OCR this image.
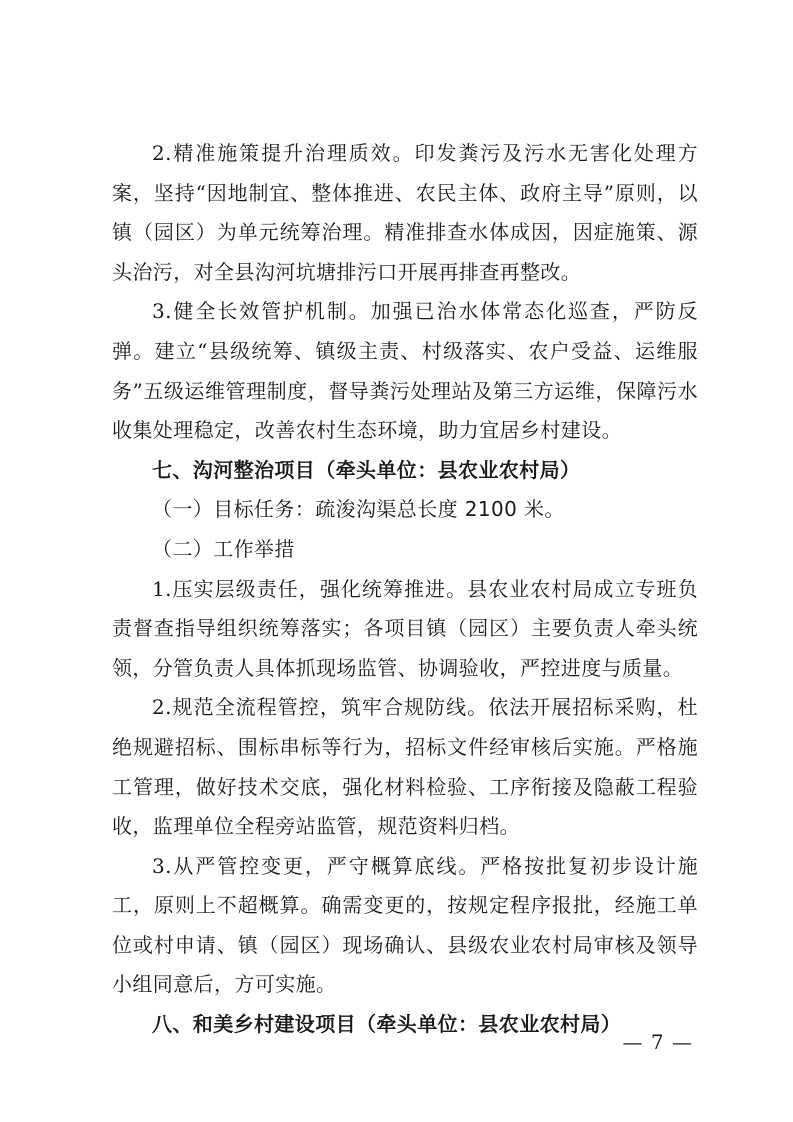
2.精准施策提升治理质效。印发粪污及污水无害化处理方案，坚持“因地制宜、整体推进、农民主体、政府主导”原则，以镇（园区）为单元统筹治理。精准排查水体成因，因症施策、源头治污，对全县沟河坑塘排污口开展再排查再整改。

3.健全长效管护机制。加强已治水体常态化巡查，严防反弹。建立“县级统筹、镇级主责、村级落实、农户受益、运维服务”五级运维管理制度，督导粪污处理站及第三方运维，保障污水收集处理稳定，改善农村生态环境，助力宜居乡村建设。

七、沟河整治项目（牵头单位：县农业农村局）

（一）目标任务：疏浚沟渠总长度 2100 米。

（二）工作举措

1.压实层级责任，强化统筹推进。县农业农村局成立专班负责督查指导组织统筹落实；各项目镇（园区）主要负责人牵头统领，分管负责人具体抓现场监管、协调验收，严控进度与质量。

2.规范全流程管控，筑牢合规防线。依法开展招标采购，杜绝规避招标、围标串标等行为，招标文件经审核后实施。严格施工管理，做好技术交底，强化材料检验、工序衔接及隐蔽工程验收，监理单位全程旁站监管，规范资料归档。

3.从严管控变更，严守概算底线。严格按批复初步设计施工，原则上不超概算。确需变更的，按规定程序报批，经施工单位或村申请、镇（园区）现场确认、县级农业农村局审核及领导小组同意后，方可实施。

八、和美乡村建设项目（牵头单位：县农业农村局）

— 7 —
